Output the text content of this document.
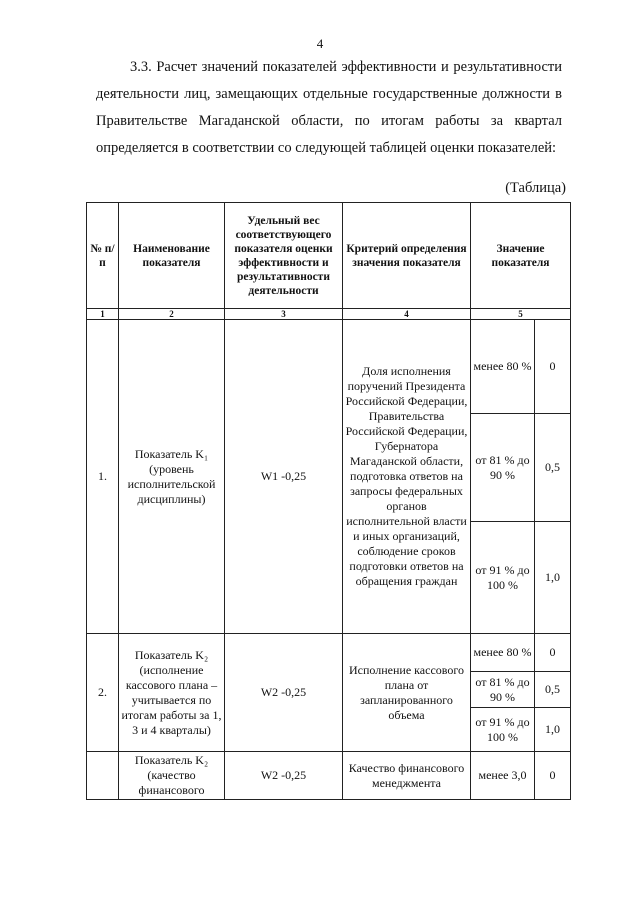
4

3.3. Расчет значений показателей эффективности и результативности деятельности лиц, замещающих отдельные государственные должности в Правительстве Магаданской области, по итогам работы за квартал определяется в соответствии со следующей таблицей оценки показателей:

(Таблица)
№ п/п	Наименование показателя	Удельный вес соответствующего показателя оценки эффективности и результативности деятельности	Критерий определения значения показателя	Значение показателя	
1	2	3	4	5	
1.	Показатель K₁ (уровень исполнительской дисциплины)	W1 -0,25	Доля исполнения поручений Президента Российской Федерации, Правительства Российской Федерации, Губернатора Магаданской области, подготовка ответов на запросы федеральных органов исполнительной власти и иных организаций, соблюдение сроков подготовки ответов на обращения граждан	менее 80 %	0
				от 81 % до 90 %	0,5
				от 91 % до 100 %	1,0
2.	Показатель K₂ (исполнение кассового плана – учитывается по итогам работы за 1, 3 и 4 кварталы)	W2 -0,25	Исполнение кассового плана от запланированного объема	менее 80 %	0
				от 81 % до 90 %	0,5
				от 91 % до 100 %	1,0
	Показатель K₂ (качество финансового	W2 -0,25	Качество финансового менеджмента	менее 3,0	0
